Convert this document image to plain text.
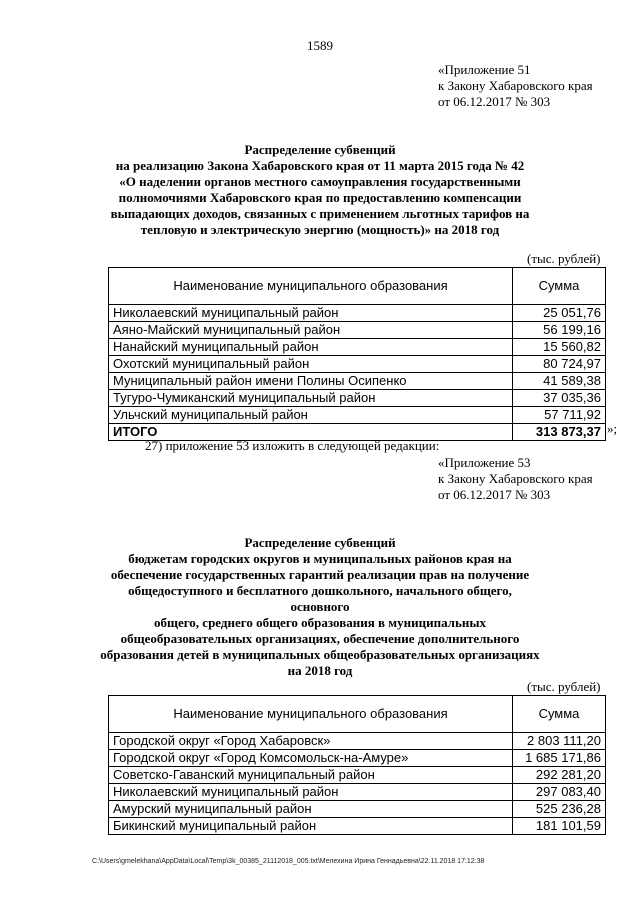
1589
«Приложение 51
к Закону Хабаровского края
от 06.12.2017 № 303
Распределение субвенций
на реализацию Закона Хабаровского края от 11 марта 2015 года № 42
«О наделении органов местного самоуправления государственными
полномочиями Хабаровского края по предоставлению компенсации
выпадающих доходов, связанных с применением льготных тарифов на
тепловую и электрическую энергию (мощность)» на 2018 год
(тыс. рублей)
Наименование муниципального образования	Сумма
Николаевский муниципальный район	25 051,76
Аяно-Майский муниципальный район	56 199,16
Нанайский муниципальный район	15 560,82
Охотский муниципальный район	80 724,97
Муниципальный район имени Полины Осипенко	41 589,38
Тугуро-Чумиканский муниципальный район	37 035,36
Ульчский муниципальный район	57 711,92
ИТОГО	313 873,37 »;
27) приложение 53 изложить в следующей редакции:
«Приложение 53
к Закону Хабаровского края
от 06.12.2017 № 303
Распределение субвенций
бюджетам городских округов и муниципальных районов края на
обеспечение государственных гарантий реализации прав на получение
общедоступного и бесплатного дошкольного, начального общего, основного
общего, среднего общего образования в муниципальных
общеобразовательных организациях, обеспечение дополнительного
образования детей в муниципальных общеобразовательных организациях
на 2018 год
(тыс. рублей)
Наименование муниципального образования	Сумма
Городской округ «Город Хабаровск»	2 803 111,20
Городской округ «Город Комсомольск-на-Амуре»	1 685 171,86
Советско-Гаванский муниципальный район	292 281,20
Николаевский муниципальный район	297 083,40
Амурский муниципальный район	525 236,28
Бикинский муниципальный район	181 101,59
C:\Users\gmelekhana\AppData\Local\Temp\3k_00385_21112018_005.txt\Мелехина Ирина Геннадьевна\22.11.2018 17:12:38
